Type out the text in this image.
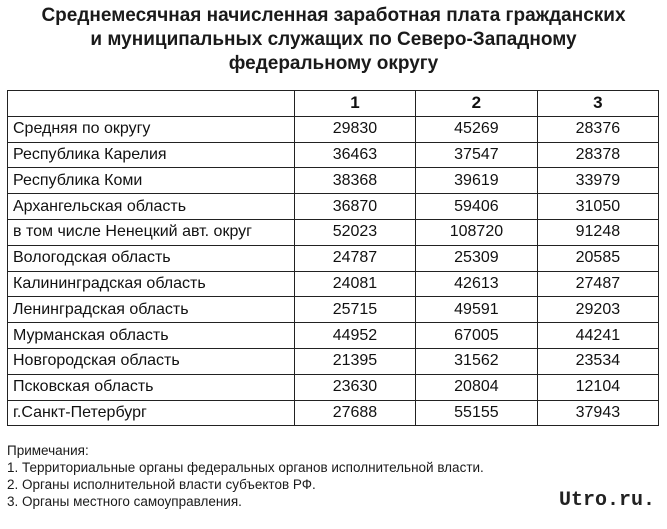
Среднемесячная начисленная заработная плата гражданских
и муниципальных служащих по Северо-Западному
федеральному округу
	1	2	3
Средняя по округу	29830	45269	28376
Республика Карелия	36463	37547	28378
Республика Коми	38368	39619	33979
Архангельская область	36870	59406	31050
в том числе Ненецкий авт. округ	52023	108720	91248
Вологодская область	24787	25309	20585
Калининградская область	24081	42613	27487
Ленинградская область	25715	49591	29203
Мурманская область	44952	67005	44241
Новгородская область	21395	31562	23534
Псковская область	23630	20804	12104
г.Санкт-Петербург	27688	55155	37943
Примечания:
1. Территориальные органы федеральных органов исполнительной власти.
2. Органы исполнительной власти субъектов РФ.
3. Органы местного самоуправления.	Utro.ru.
